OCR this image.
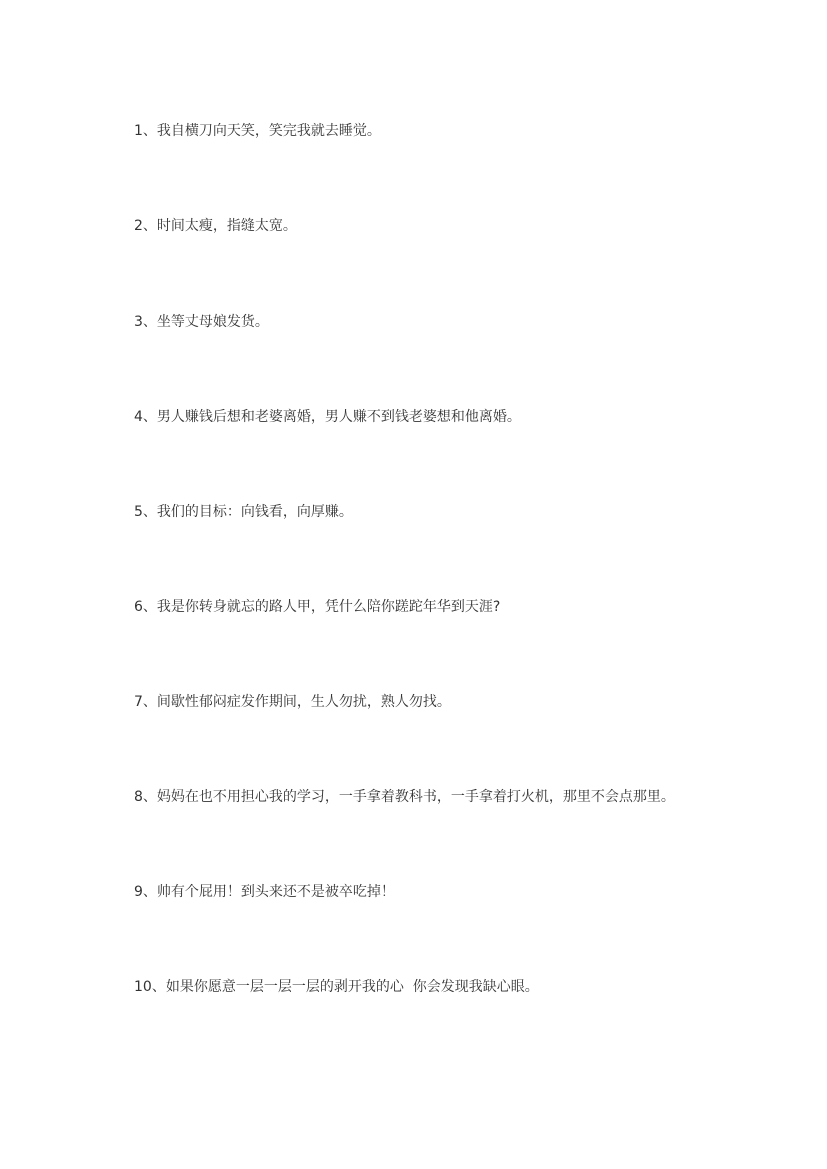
1、我自横刀向天笑，笑完我就去睡觉。
2、时间太瘦，指缝太宽。
3、坐等丈母娘发货。
4、男人赚钱后想和老婆离婚，男人赚不到钱老婆想和他离婚。
5、我们的目标：向钱看，向厚赚。
6、我是你转身就忘的路人甲，凭什么陪你蹉跎年华到天涯?
7、间歇性郁闷症发作期间，生人勿扰，熟人勿找。
8、妈妈在也不用担心我的学习，一手拿着教科书，一手拿着打火机，那里不会点那里。
9、帅有个屁用！到头来还不是被卒吃掉！
10、如果你愿意一层一层一层的剥开我的心  你会发现我缺心眼。
